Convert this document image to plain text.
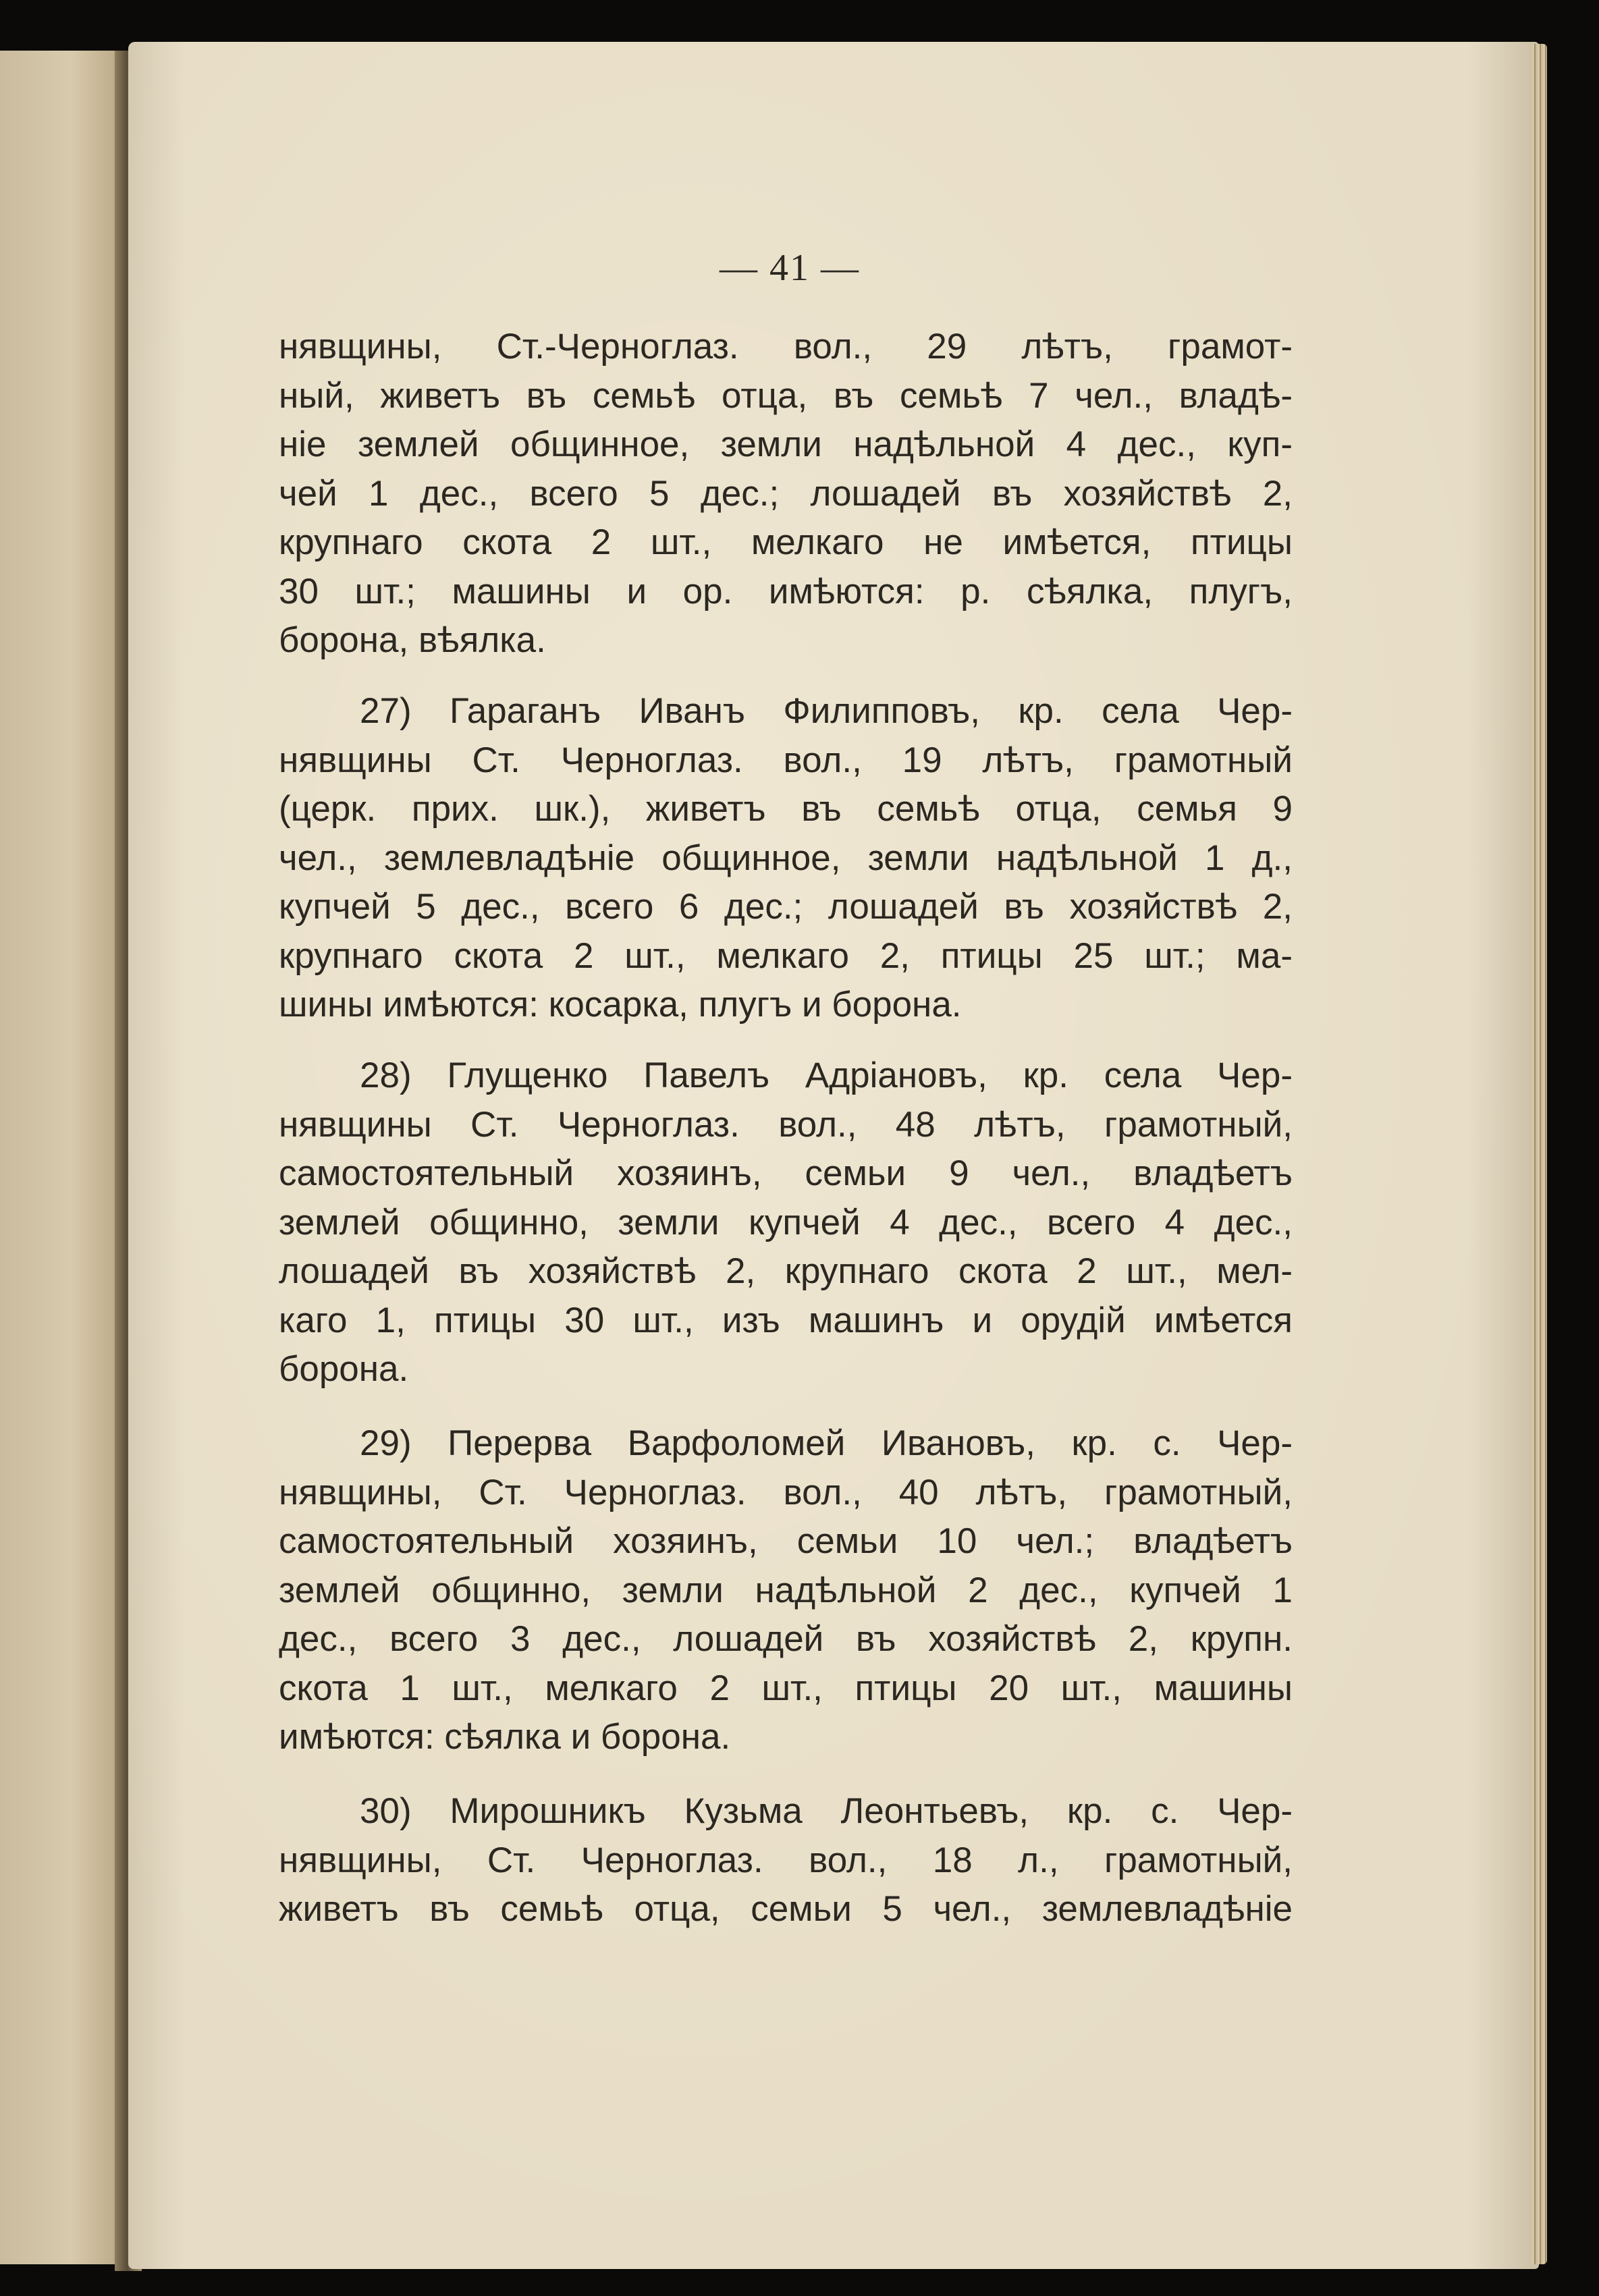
— 41 —
нявщины, Ст.-Черноглаз. вол., 29 лѣтъ, грамот-
ный, живетъ въ семьѣ отца, въ семьѣ 7 чел., владѣ-
нiе землей общинное, земли надѣльной 4 дес., куп-
чей 1 дес., всего 5 дес.; лошадей въ хозяйствѣ 2,
крупнаго скота 2 шт., мелкаго не имѣется, птицы
30 шт.; машины и ор. имѣются: р. сѣялка, плугъ,
борона, вѣялка.
27) Гараганъ Иванъ Филипповъ, кр. села Чер-
нявщины Ст. Черноглаз. вол., 19 лѣтъ, грамотный
(церк. прих. шк.), живетъ въ семьѣ отца, семья 9
чел., землевладѣнiе общинное, земли надѣльной 1 д.,
купчей 5 дес., всего 6 дес.; лошадей въ хозяйствѣ 2,
крупнаго скота 2 шт., мелкаго 2, птицы 25 шт.; ма-
шины имѣются: косарка, плугъ и борона.
28) Глущенко Павелъ Адрiановъ, кр. села Чер-
нявщины Ст. Черноглаз. вол., 48 лѣтъ, грамотный,
самостоятельный хозяинъ, семьи 9 чел., владѣетъ
землей общинно, земли купчей 4 дес., всего 4 дес.,
лошадей въ хозяйствѣ 2, крупнаго скота 2 шт., мел-
каго 1, птицы 30 шт., изъ машинъ и орудiй имѣется
борона.
29) Перерва Варфоломей Ивановъ, кр. с. Чер-
нявщины, Ст. Черноглаз. вол., 40 лѣтъ, грамотный,
самостоятельный хозяинъ, семьи 10 чел.; владѣетъ
землей общинно, земли надѣльной 2 дес., купчей 1
дес., всего 3 дес., лошадей въ хозяйствѣ 2, крупн.
скота 1 шт., мелкаго 2 шт., птицы 20 шт., машины
имѣются: сѣялка и борона.
30) Мирошникъ Кузьма Леонтьевъ, кр. с. Чер-
нявщины, Ст. Черноглаз. вол., 18 л., грамотный,
живетъ въ семьѣ отца, семьи 5 чел., землевладѣнiе
